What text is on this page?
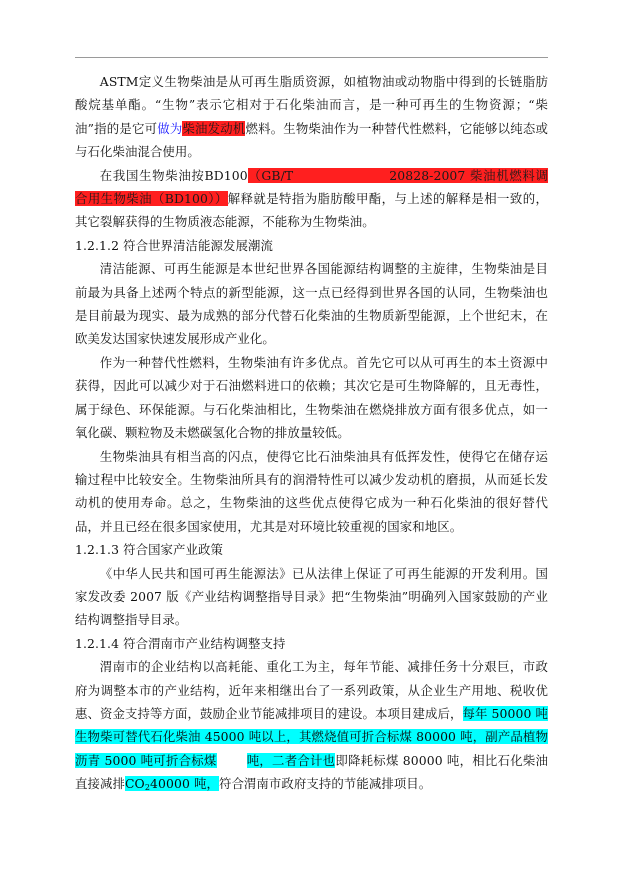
ASTM定义生物柴油是从可再生脂质资源，如植物油或动物脂中得到的长链脂肪酸烷基单酯。“生物”表示它相对于石化柴油而言，是一种可再生的生物资源；“柴油”指的是它可做为柴油发动机燃料。生物柴油作为一种替代性燃料，它能够以纯态或与石化柴油混合使用。

在我国生物柴油按BD100（GB/T	20828-2007 柴油机燃料调合用生物柴油（BD100））解释就是特指为脂肪酸甲酯，与上述的解释是相一致的，其它裂解获得的生物质液态能源，不能称为生物柴油。

1.2.1.2 符合世界清洁能源发展潮流

清洁能源、可再生能源是本世纪世界各国能源结构调整的主旋律，生物柴油是目前最为具备上述两个特点的新型能源，这一点已经得到世界各国的认同，生物柴油也是目前最为现实、最为成熟的部分代替石化柴油的生物质新型能源，上个世纪末，在欧美发达国家快速发展形成产业化。

作为一种替代性燃料，生物柴油有许多优点。首先它可以从可再生的本土资源中获得，因此可以减少对于石油燃料进口的依赖；其次它是可生物降解的，且无毒性，属于绿色、环保能源。与石化柴油相比，生物柴油在燃烧排放方面有很多优点，如一氧化碳、颗粒物及未燃碳氢化合物的排放量较低。

生物柴油具有相当高的闪点，使得它比石油柴油具有低挥发性，使得它在储存运输过程中比较安全。生物柴油所具有的润滑特性可以减少发动机的磨损，从而延长发动机的使用寿命。总之，生物柴油的这些优点使得它成为一种石化柴油的很好替代品，并且已经在很多国家使用，尤其是对环境比较重视的国家和地区。

1.2.1.3 符合国家产业政策

《中华人民共和国可再生能源法》已从法律上保证了可再生能源的开发利用。国家发改委 2007 版《产业结构调整指导目录》把“生物柴油”明确列入国家鼓励的产业结构调整指导目录。

1.2.1.4 符合渭南市产业结构调整支持

渭南市的企业结构以高耗能、重化工为主，每年节能、减排任务十分艰巨，市政府为调整本市的产业结构，近年来相继出台了一系列政策，从企业生产用地、税收优惠、资金支持等方面，鼓励企业节能减排项目的建设。本项目建成后，每年 50000 吨生物柴可替代石化柴油 45000 吨以上，其燃烧值可折合标煤 80000 吨，副产品植物沥青 5000 吨可折合标煤 吨，二者合计也即降耗标煤 80000 吨，相比石化柴油直接减排$CO_240000$ 吨，符合渭南市政府支持的节能减排项目。
